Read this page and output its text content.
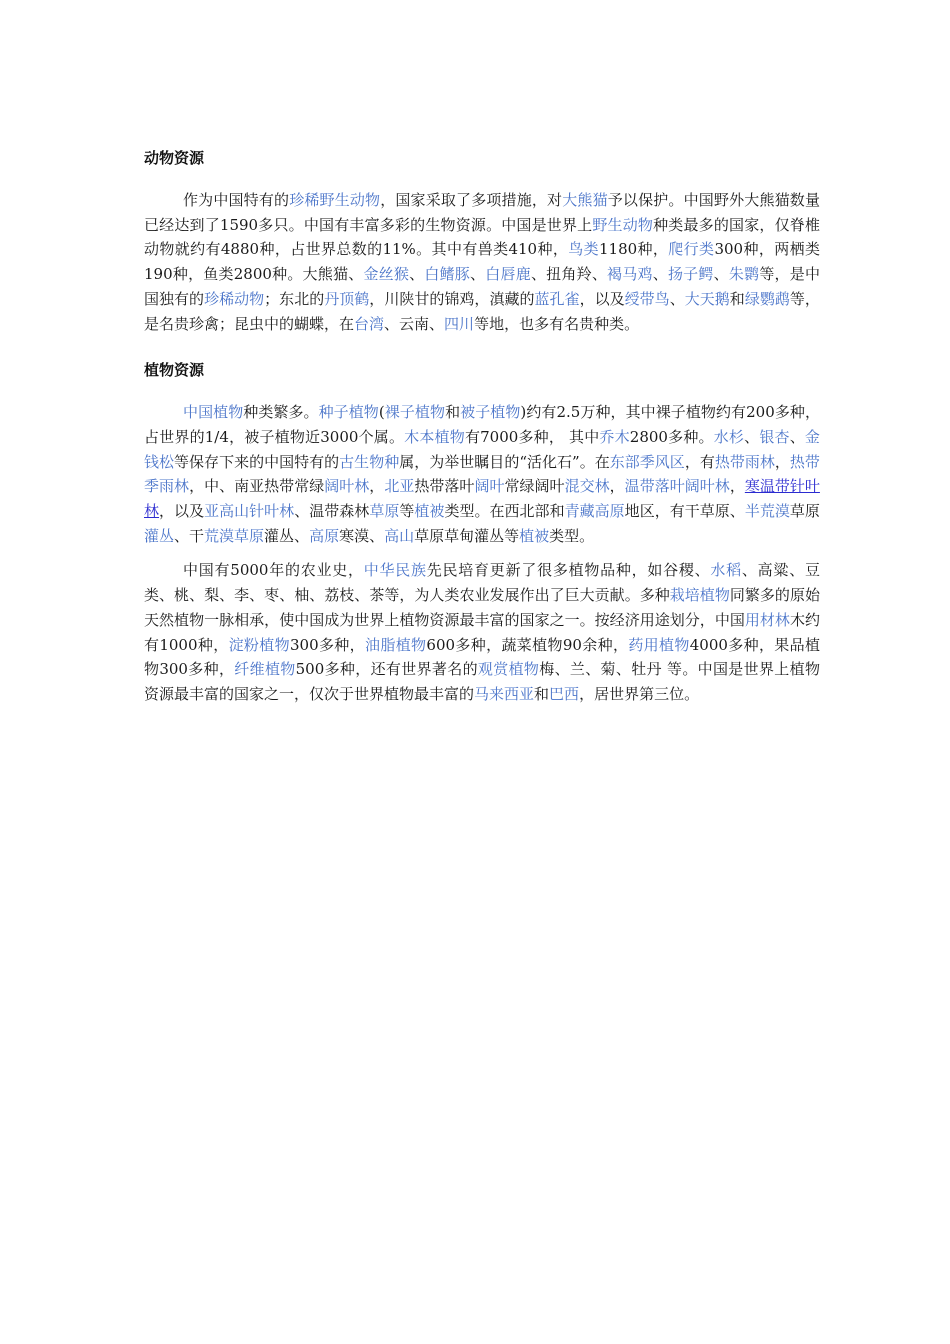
动物资源

作为中国特有的珍稀野生动物，国家采取了多项措施，对大熊猫予以保护。中国野外大熊猫数量已经达到了1590多只。中国有丰富多彩的生物资源。中国是世界上野生动物种类最多的国家，仅脊椎动物就约有4880种，占世界总数的11%。其中有兽类410种，鸟类1180种，爬行类300种，两栖类190种，鱼类2800种。大熊猫、金丝猴、白鳍豚、白唇鹿、扭角羚、褐马鸡、扬子鳄、朱鹮等，是中国独有的珍稀动物；东北的丹顶鹤，川陕甘的锦鸡，滇藏的蓝孔雀，以及绶带鸟、大天鹅和绿鹦鹉等，是名贵珍禽；昆虫中的蝴蝶，在台湾、云南、四川等地，也多有名贵种类。

植物资源

中国植物种类繁多。种子植物(裸子植物和被子植物)约有2.5万种，其中裸子植物约有200多种，占世界的1/4，被子植物近3000个属。木本植物有7000多种， 其中乔木2800多种。水杉、银杏、金钱松等保存下来的中国特有的古生物种属，为举世瞩目的“活化石”。在东部季风区，有热带雨林，热带季雨林，中、南亚热带常绿阔叶林，北亚热带落叶阔叶常绿阔叶混交林，温带落叶阔叶林，寒温带针叶林，以及亚高山针叶林、温带森林草原等植被类型。在西北部和青藏高原地区，有干草原、半荒漠草原灌丛、干荒漠草原灌丛、高原寒漠、高山草原草甸灌丛等植被类型。

中国有5000年的农业史，中华民族先民培育更新了很多植物品种，如谷稷、水稻、高粱、豆类、桃、梨、李、枣、柚、荔枝、茶等，为人类农业发展作出了巨大贡献。多种栽培植物同繁多的原始天然植物一脉相承，使中国成为世界上植物资源最丰富的国家之一。按经济用途划分，中国用材林木约有1000种，淀粉植物300多种，油脂植物600多种，蔬菜植物90余种，药用植物4000多种，果品植物300多种，纤维植物500多种，还有世界著名的观赏植物梅、兰、菊、牡丹 等。中国是世界上植物资源最丰富的国家之一，仅次于世界植物最丰富的马来西亚和巴西，居世界第三位。
